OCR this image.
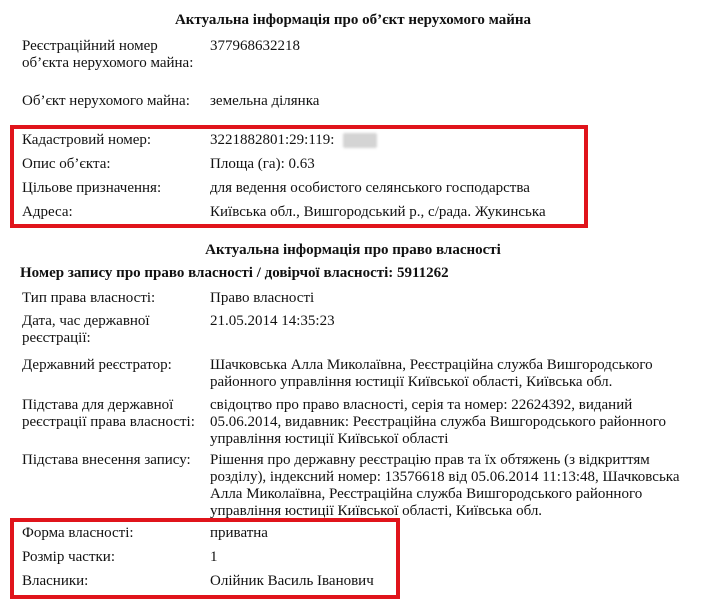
Актуальна інформація про об’єкт нерухомого майна
Реєстраційний номер об’єкта нерухомого майна:
377968632218
Об’єкт нерухомого майна:	земельна ділянка
Кадастровий номер:	3221882801:29:119:
Опис об’єкта:	Площа (га): 0.63
Цільове призначення:	для ведення особистого селянського господарства
Адреса:	Київська обл., Вишгородський р., с/рада. Жукинська
Актуальна інформація про право власності
Номер запису про право власності / довірчої власності: 5911262
Тип права власності:	Право власності
Дата, час державної реєстрації:
21.05.2014 14:35:23
Державний реєстратор:	Шачковська Алла Миколаївна, Реєстраційна служба Вишгородського районного управління юстиції Київської області, Київська обл.
Підстава для державної реєстрації права власності:
свідоцтво про право власності, серія та номер: 22624392, виданий 05.06.2014, видавник: Реєстраційна служба Вишгородського районного управління юстиції Київської області
Підстава внесення запису:	Рішення про державну реєстрацію прав та їх обтяжень (з відкриттям розділу), індексний номер: 13576618 від 05.06.2014 11:13:48, Шачковська Алла Миколаївна, Реєстраційна служба Вишгородського районного управління юстиції Київської області, Київська обл.
Форма власності:	приватна
Розмір частки:	1
Власники:	Олійник Василь Іванович
